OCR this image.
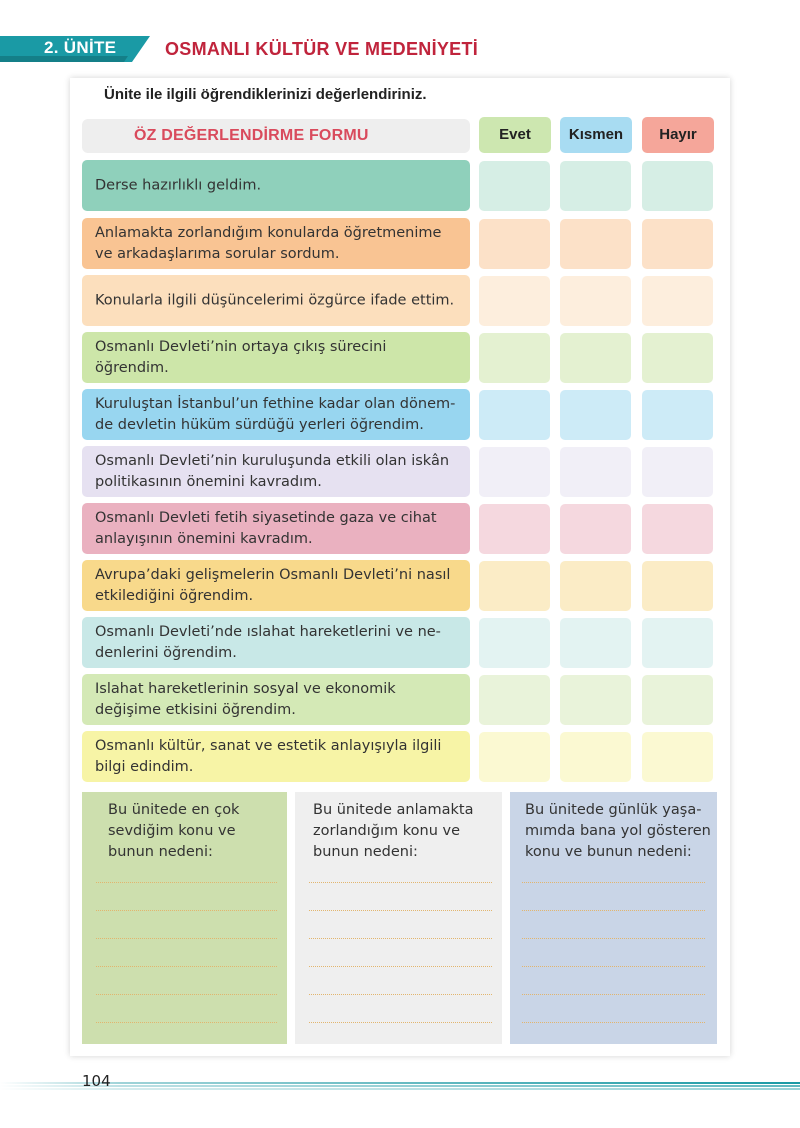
2. ÜNİTE	OSMANLI KÜLTÜR VE MEDENİYETİ
Ünite ile ilgili öğrendiklerinizi değerlendiriniz.
ÖZ DEĞERLENDİRME FORMU	Evet	Kısmen	Hayır
Derse hazırlıklı geldim.
Anlamakta zorlandığım konularda öğretmenime ve arkadaşlarıma sorular sordum.
Konularla ilgili düşüncelerimi özgürce ifade ettim.
Osmanlı Devleti’nin ortaya çıkış sürecini öğrendim.
Kuruluştan İstanbul’un fethine kadar olan dönem-de devletin hüküm sürdüğü yerleri öğrendim.
Osmanlı Devleti’nin kuruluşunda etkili olan iskân politikasının önemini kavradım.
Osmanlı Devleti fetih siyasetinde gaza ve cihat anlayışının önemini kavradım.
Avrupa’daki gelişmelerin Osmanlı Devleti’ni nasıl etkilediğini öğrendim.
Osmanlı Devleti’nde ıslahat hareketlerini ve ne-denlerini öğrendim.
Islahat hareketlerinin sosyal ve ekonomik değişime etkisini öğrendim.
Osmanlı kültür, sanat ve estetik anlayışıyla ilgili bilgi edindim.
Bu ünitede en çok
sevdiğim konu ve
bunun nedeni:
Bu ünitede anlamakta
zorlandığım konu ve
bunun nedeni:
Bu ünitede günlük yaşa-
mımda bana yol gösteren
konu ve bunun nedeni:
104
